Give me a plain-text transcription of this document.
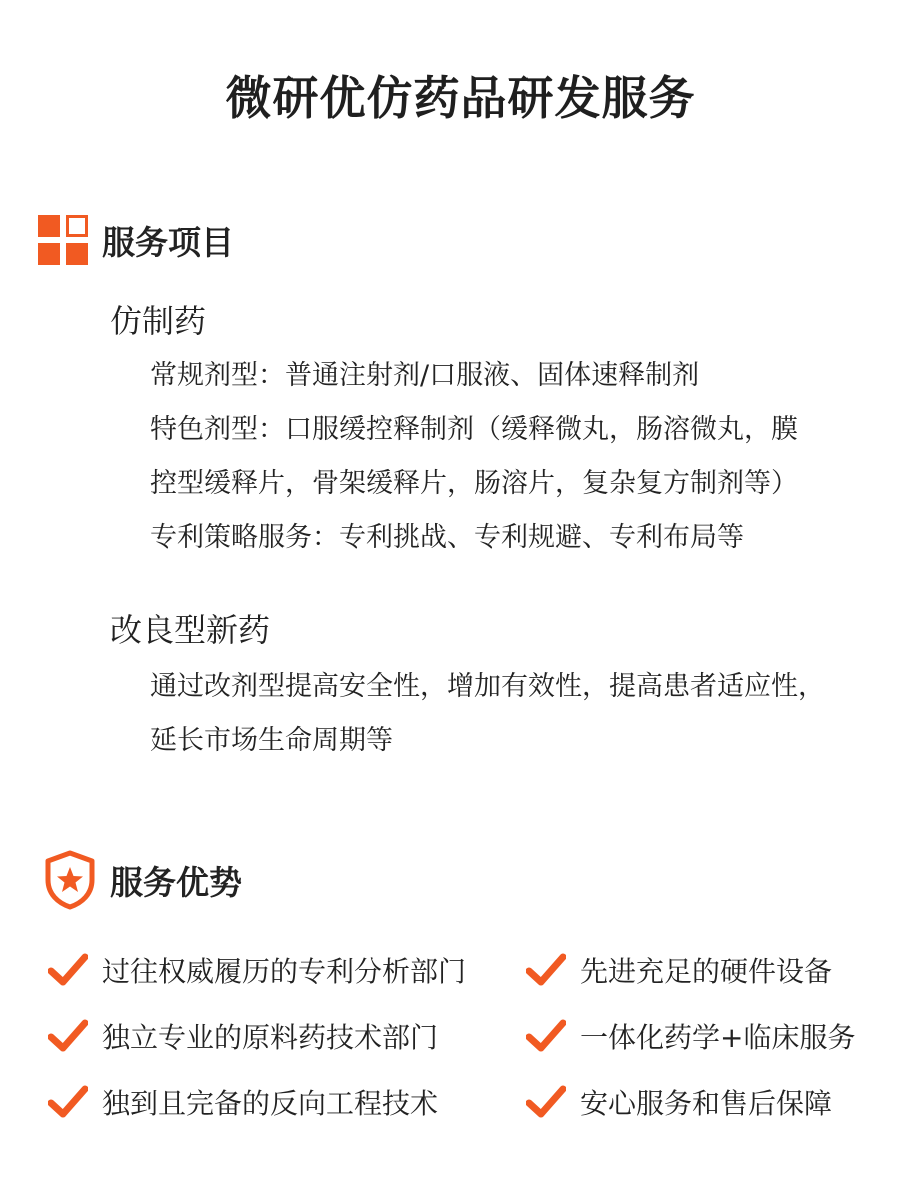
微研优仿药品研发服务
服务项目
仿制药

常规剂型：普通注射剂/口服液、固体速释制剂

特色剂型：口服缓控释制剂（缓释微丸，肠溶微丸，膜

控型缓释片，骨架缓释片，肠溶片，复杂复方制剂等）

专利策略服务：专利挑战、专利规避、专利布局等

改良型新药

通过改剂型提高安全性，增加有效性，提高患者适应性，

延长市场生命周期等

服务优势
过往权威履历的专利分析部门	先进充足的硬件设备
独立专业的原料药技术部门	一体化药学+临床服务
独到且完备的反向工程技术	安心服务和售后保障
